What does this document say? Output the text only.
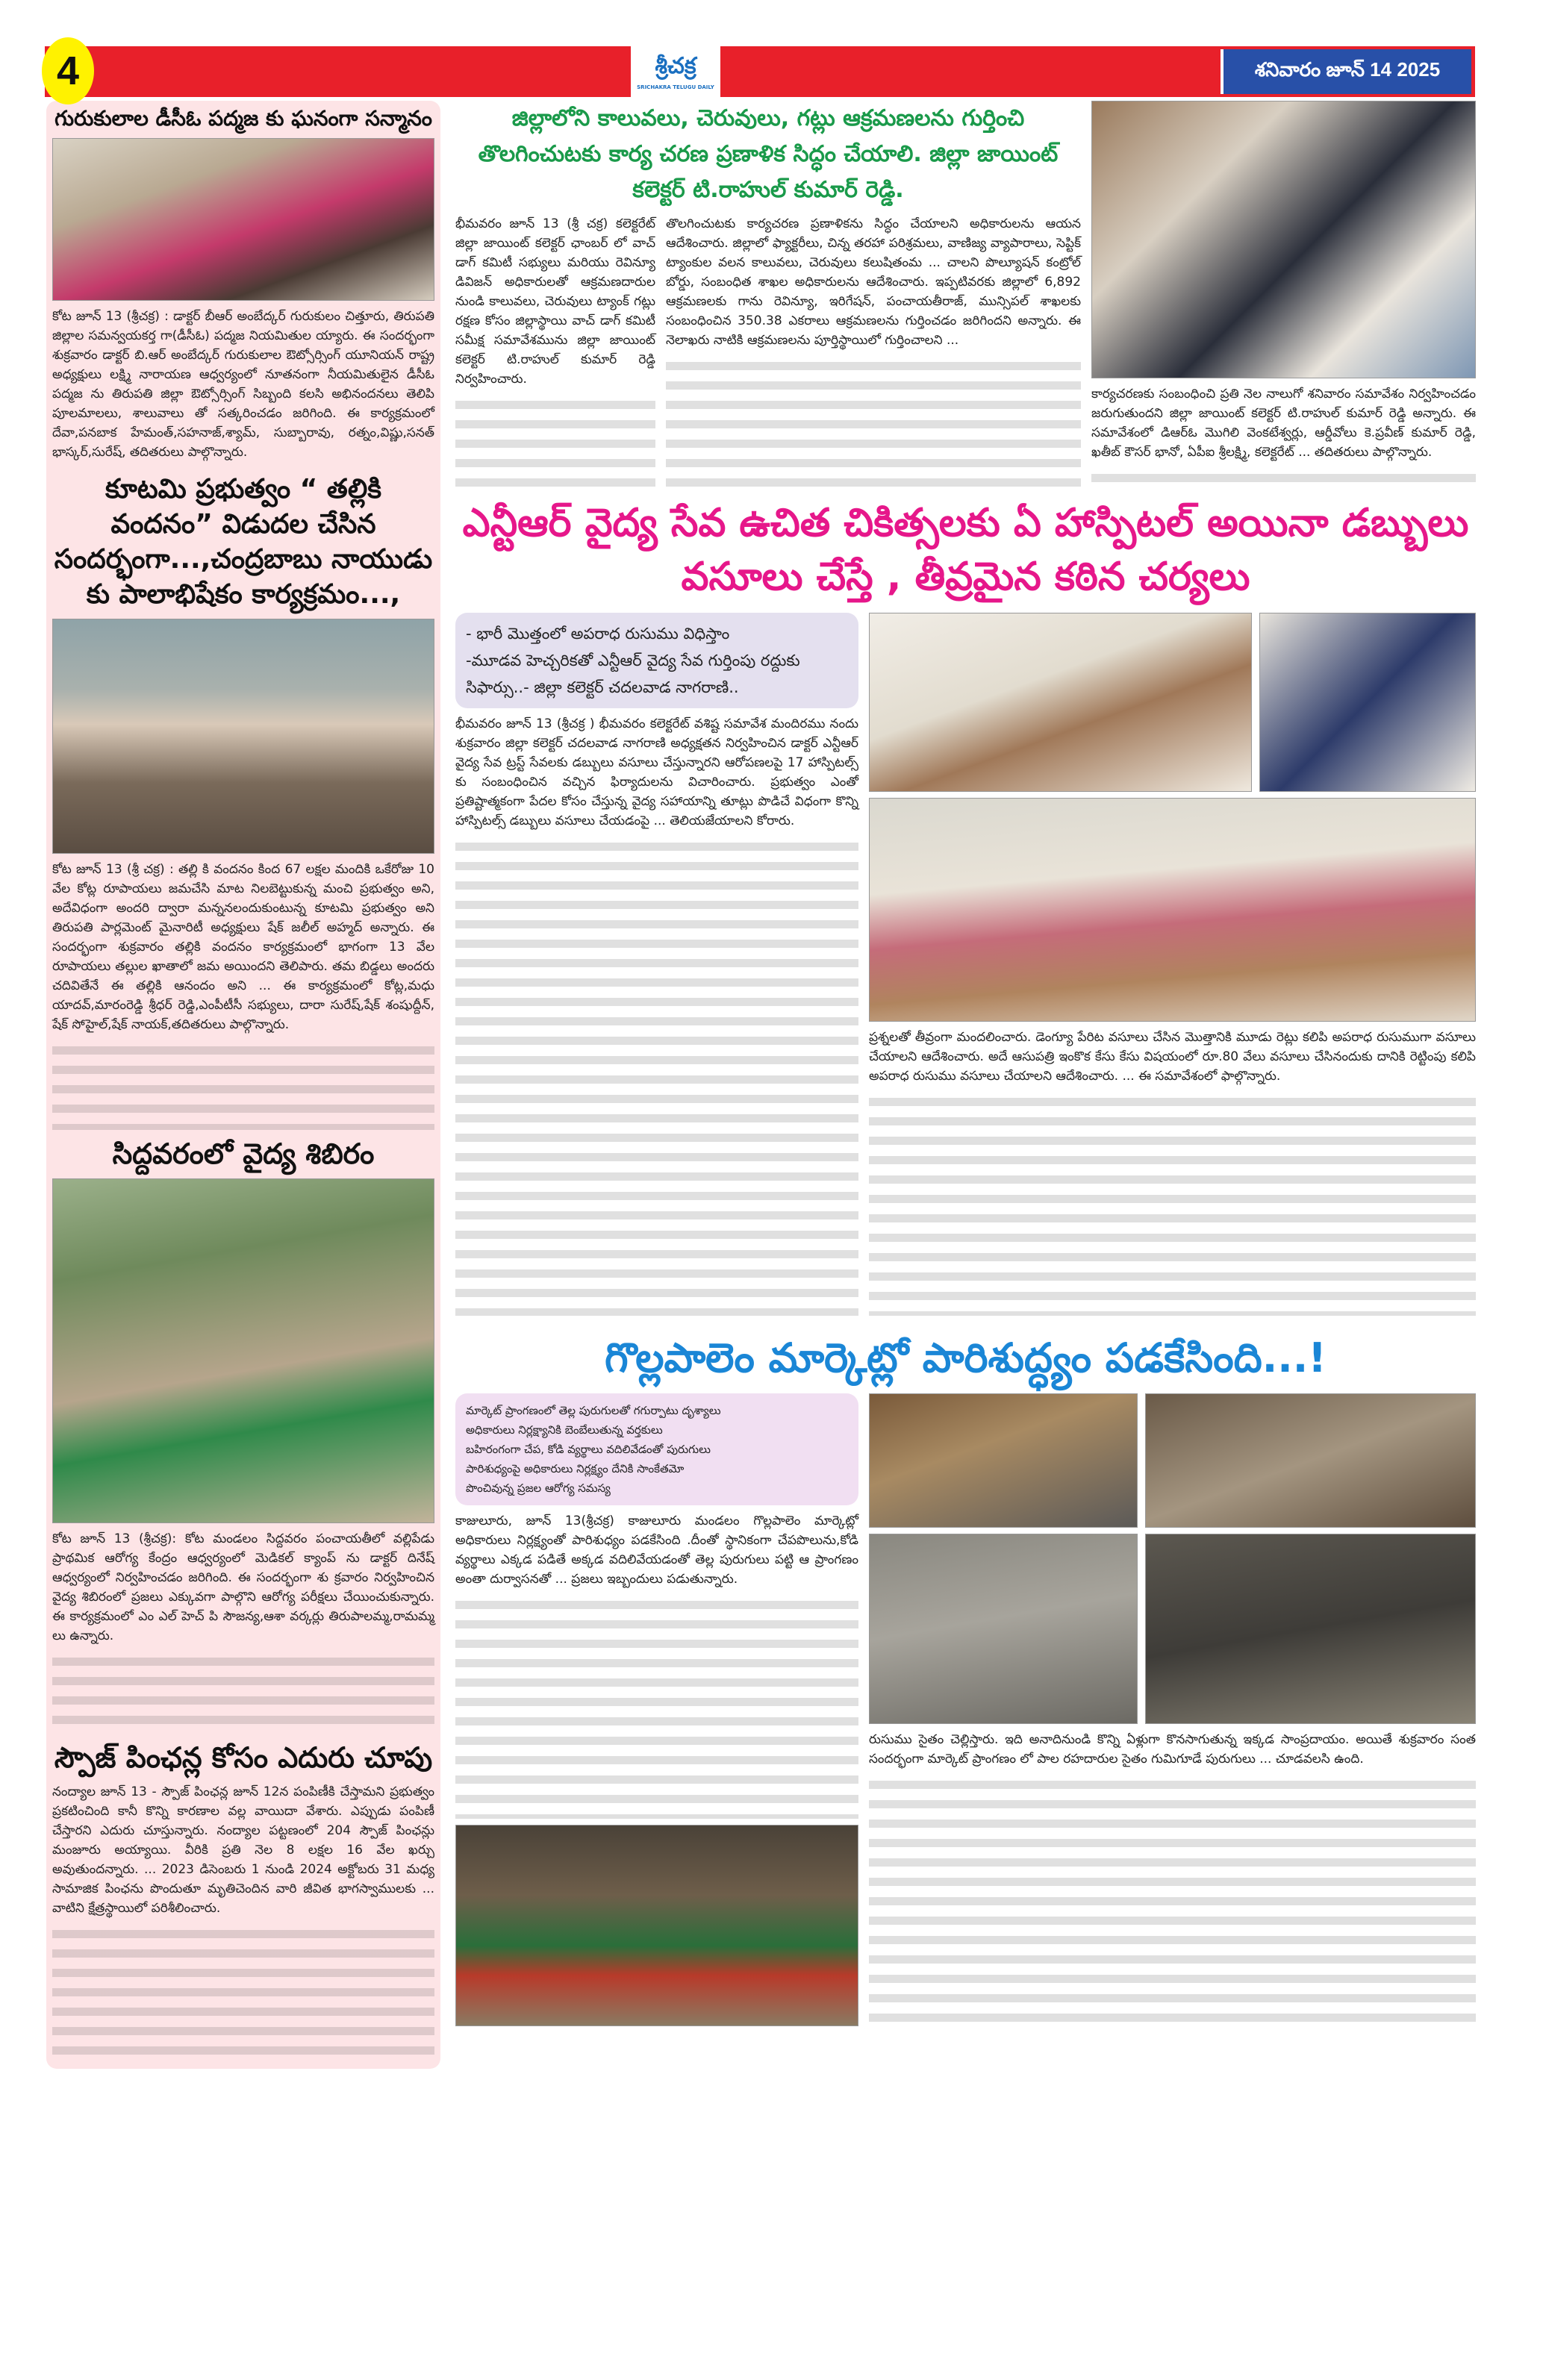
4	శ్రీచక్ర
SRICHAKRA TELUGU DAILY
శనివారం జూన్ 14 2025
గురుకులాల డీసీఓ పద్మజ కు ఘనంగా సన్మానం
కోట జూన్ 13 (శ్రీచక్ర) : డాక్టర్ బీఆర్ అంబేద్కర్ గురుకులం చిత్తూరు, తిరుపతి జిల్లాల సమన్వయకర్త గా(డీసీఓ) పద్మజ నియమితుల య్యారు. ఈ సందర్భంగా శుక్రవారం డాక్టర్ బి.ఆర్ అంబేద్కర్ గురుకులాల ఔట్సోర్సింగ్ యూనియన్ రాష్ట్ర అధ్యక్షులు లక్ష్మి నారాయణ ఆధ్వర్యంలో నూతనంగా నీయమితులైన డీసీఓ పద్మజ ను తిరుపతి జిల్లా ఔట్సోర్సింగ్ సిబ్బంది కలసి అభినందనలు తెలిపి పూలమాలలు, శాలువాలు తో సత్కరించడం జరిగింది. ఈ కార్యక్రమంలో దేవా,పనబాక హేమంత్,సహనాజ్,శ్యామ్, సుబ్బారావు, రత్నం,విష్ణు,సనత్ భాస్కర్,సురేష్, తదితరులు పాల్గొన్నారు.
కూటమి ప్రభుత్వం “ తల్లికి వందనం” విడుదల చేసిన సందర్భంగా...,చంద్రబాబు నాయుడు కు పాలాభిషేకం కార్యక్రమం...,
కోట జూన్ 13 (శ్రీ చక్ర) : తల్లి కి వందనం కింద 67 లక్షల మందికి ఒకేరోజు 10 వేల కోట్ల రూపాయలు జమచేసి మాట నిలబెట్టుకున్న మంచి ప్రభుత్వం అని, అదేవిధంగా అందరి ద్వారా మన్ననలందుకుంటున్న కూటమి ప్రభుత్వం అని తిరుపతి పార్లమెంట్ మైనారిటీ అధ్యక్షులు షేక్ జలీల్ అహ్మద్ అన్నారు. ఈ సందర్భంగా శుక్రవారం తల్లికి వందనం కార్యక్రమంలో భాగంగా 13 వేల రూపాయలు తల్లుల ఖాతాలో జమ అయిందని తెలిపారు. తమ బిడ్డలు అందరు చదివితేనే ఈ తల్లికి ఆనందం అని ... ఈ కార్యక్రమంలో కోట్ల,మధు యాదవ్,మారంరెడ్డి శ్రీధర్ రెడ్డి,ఎంపీటీసీ సభ్యులు, దారా సురేష్,షేక్ శంషుద్దీన్, షేక్ సోహైల్,షేక్ నాయక్,తదితరులు పాల్గొన్నారు.
సిద్దవరంలో వైద్య శిబిరం
కోట జూన్ 13 (శ్రీచక్ర): కోట మండలం సిద్దవరం పంచాయతీలో వల్లిపేడు ప్రాథమిక ఆరోగ్య కేంద్రం ఆధ్వర్యంలో మెడికల్ క్యాంప్ ను డాక్టర్ దినేష్ ఆధ్వర్యంలో నిర్వహించడం జరిగింది. ఈ సందర్భంగా శు క్రవారం నిర్వహించిన వైద్య శిబిరంలో ప్రజలు ఎక్కువగా పాల్గొని ఆరోగ్య పరీక్షలు చేయించుకున్నారు. ఈ కార్యక్రమంలో ఎం ఎల్ హెచ్ పి సౌజన్య,ఆశా వర్కర్లు తిరుపాలమ్మ,రామమ్మ లు ఉన్నారు.
స్పౌజ్ పింఛన్ల కోసం ఎదురు చూపు
నంద్యాల జూన్ 13 - స్పౌజ్ పింఛన్ల జూన్ 12న పంపిణీకి చేస్తామని ప్రభుత్వం ప్రకటించింది కానీ కొన్ని కారణాల వల్ల వాయిదా వేశారు. ఎప్పుడు పంపిణీ చేస్తారని ఎదురు చూస్తున్నారు. నంద్యాల పట్టణంలో 204 స్పౌజ్ పింఛన్లు మంజూరు అయ్యాయి. వీరికి ప్రతి నెల 8 లక్షల 16 వేల ఖర్చు అవుతుందన్నారు. ... 2023 డిసెంబరు 1 నుండి 2024 అక్టోబరు 31 మధ్య సామాజిక పింఛను పొందుతూ మృతిచెందిన వారి జీవిత భాగస్వాములకు ... వాటిని క్షేత్రస్థాయిలో పరిశీలించారు.
జిల్లాలోని కాలువలు, చెరువులు, గట్లు ఆక్రమణలను గుర్తించి తొలగించుటకు కార్య చరణ ప్రణాళిక సిద్ధం చేయాలి. జిల్లా జాయింట్ కలెక్టర్ టి.రాహుల్ కుమార్ రెడ్డి.
భీమవరం జూన్ 13 (శ్రీ చక్ర) కలెక్టరేట్ జిల్లా జాయింట్ కలెక్టర్ ఛాంబర్ లో వాచ్ డాగ్ కమిటీ సభ్యులు మరియు రెవిన్యూ డివిజన్ అధికారులతో ఆక్రమణదారుల నుండి కాలువలు, చెరువులు ట్యాంక్ గట్లు రక్షణ కోసం జిల్లాస్థాయి వాచ్ డాగ్ కమిటీ సమీక్ష సమావేశమును జిల్లా జాయింట్ కలెక్టర్ టి.రాహుల్ కుమార్ రెడ్డి నిర్వహించారు.
తొలగించుటకు కార్యచరణ ప్రణాళికను సిద్ధం చేయాలని అధికారులను ఆయన ఆదేశించారు. జిల్లాలో ఫ్యాక్టరీలు, చిన్న తరహా పరిశ్రమలు, వాణిజ్య వ్యాపారాలు, సెప్టిక్ ట్యాంకుల వలన కాలువలు, చెరువులు కలుషితంమ ... చాలని పొల్యూషన్ కంట్రోల్ బోర్డు, సంబంధిత శాఖల అధికారులను ఆదేశించారు. ఇప్పటివరకు జిల్లాలో 6,892 ఆక్రమణలకు గాను రెవిన్యూ, ఇరిగేషన్, పంచాయతీరాజ్, మున్సిపల్ శాఖలకు సంబంధించిన 350.38 ఎకరాలు ఆక్రమణలను గుర్తించడం జరిగిందని అన్నారు. ఈ నెలాఖరు నాటికి ఆక్రమణలను పూర్తిస్థాయిలో గుర్తించాలని ...
కార్యచరణకు సంబంధించి ప్రతి నెల నాలుగో శనివారం సమావేశం నిర్వహించడం జరుగుతుందని జిల్లా జాయింట్ కలెక్టర్ టి.రాహుల్ కుమార్ రెడ్డి అన్నారు. ఈ సమావేశంలో డిఆర్ఓ మొగిలి వెంకటేశ్వర్లు, ఆర్డీవోలు కె.ప్రవీణ్ కుమార్ రెడ్డి, ఖతీబ్ కౌసర్ భానో, ఏపీఐ శ్రీలక్ష్మి, కలెక్టరేట్ ... తదితరులు పాల్గొన్నారు.
ఎన్టీఆర్ వైద్య సేవ ఉచిత చికిత్సలకు ఏ హాస్పిటల్ అయినా డబ్బులు వసూలు చేస్తే , తీవ్రమైన కఠిన చర్యలు
- భారీ మొత్తంలో అపరాధ రుసుము విధిస్తాం
-మూడవ హెచ్చరికతో ఎన్టీఆర్ వైద్య సేవ గుర్తింపు రద్దుకు సిఫార్సు..- జిల్లా కలెక్టర్ చదలవాడ నాగరాణి..
భీమవరం జూన్ 13 (శ్రీచక్ర ) భీమవరం కలెక్టరేట్ వశిష్ట సమావేశ మందిరము నందు శుక్రవారం జిల్లా కలెక్టర్ చదలవాడ నాగరాణి అధ్యక్షతన నిర్వహించిన డాక్టర్ ఎన్టీఆర్ వైద్య సేవ ట్రస్ట్ సేవలకు డబ్బులు వసూలు చేస్తున్నారని ఆరోపణలపై 17 హాస్పిటల్స్ కు సంబంధించిన వచ్చిన ఫిర్యాదులను విచారించారు. ప్రభుత్వం ఎంతో ప్రతిష్టాత్మకంగా పేదల కోసం చేస్తున్న వైద్య సహాయాన్ని తూట్లు పొడిచే విధంగా కొన్ని హాస్పిటల్స్ డబ్బులు వసూలు చేయడంపై ... తెలియజేయాలని కోరారు.
ప్రశ్నలతో తీవ్రంగా మందలించారు. డెంగ్యూ పేరిట వసూలు చేసిన మొత్తానికి మూడు రెట్లు కలిపి అపరాధ రుసుముగా వసూలు చేయాలని ఆదేశించారు. అదే ఆసుపత్రి ఇంకొక కేసు కేసు విషయంలో రూ.80 వేలు వసూలు చేసినందుకు దానికి రెట్టింపు కలిపి అపరాధ రుసుము వసూలు చేయాలని ఆదేశించారు. ... ఈ సమావేశంలో ఫాల్గొన్నారు.
గొల్లపాలెం మార్కెట్లో పారిశుద్ధ్యం పడకేసింది...!
మార్కెట్ ప్రాంగణంలో తెల్ల పురుగులతో గగుర్పాటు దృశ్యాలు
అధికారులు నిర్లక్ష్యానికి బెంబేలుతున్న వర్తకులు
బహిరంగంగా చేప, కోడి వ్యర్థాలు వదిలివేడంతో పురుగులు
పారిశుధ్యంపై అధికారులు నిర్లక్ష్యం దేనికి సాంకేతమో
పొంచివున్న ప్రజల ఆరోగ్య సమస్య
కాజులూరు, జూన్ 13(శ్రీచక్ర) కాజులూరు మండలం గొల్లపాలెం మార్కెట్లో అధికారులు నిర్లక్ష్యంతో పారిశుధ్యం పడకేసింది .దీంతో స్థానికంగా చేపపొలును,కోడి వ్యర్థాలు ఎక్కడ పడితే అక్కడ వదిలివేయడంతో తెల్ల పురుగులు పట్టి ఆ ప్రాంగణం అంతా దుర్వాసనతో ... ప్రజలు ఇబ్బందులు పడుతున్నారు.
రుసుము సైతం చెల్లిస్తారు. ఇది అనాదినుండి కొన్ని ఏళ్లుగా కొనసాగుతున్న ఇక్కడ సాంప్రదాయం. అయితే శుక్రవారం సంత సందర్భంగా మార్కెట్ ప్రాంగణం లో పాల రహదారుల సైతం గుమిగూడే పురుగులు ... చూడవలసి ఉంది.
